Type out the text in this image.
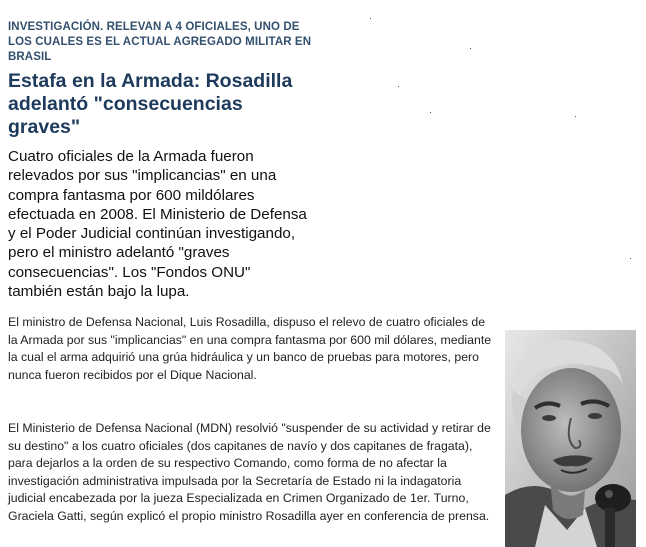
INVESTIGACIÓN. RELEVAN A 4 OFICIALES, UNO DE LOS CUALES ES EL ACTUAL AGREGADO MILITAR EN BRASIL
Estafa en la Armada: Rosadilla adelantó "consecuencias graves"
Cuatro oficiales de la Armada fueron relevados por sus "implicancias" en una compra fantasma por 600 mildólares efectuada en 2008. El Ministerio de Defensa y el Poder Judicial continúan investigando, pero el ministro adelantó "graves consecuencias". Los "Fondos ONU" también están bajo la lupa.
El ministro de Defensa Nacional, Luis Rosadilla, dispuso el relevo de cuatro oficiales de la Armada por sus "implicancias" en una compra fantasma por 600 mil dólares, mediante la cual el arma adquirió una grúa hidráulica y un banco de pruebas para motores, pero nunca fueron recibidos por el Dique Nacional.
El Ministerio de Defensa Nacional (MDN) resolvió "suspender de su actividad y retirar de su destino" a los cuatro oficiales (dos capitanes de navío y dos capitanes de fragata), para dejarlos a la orden de su respectivo Comando, como forma de no afectar la investigación administrativa impulsada por la Secretaría de Estado ni la indagatoria judicial encabezada por la jueza Especializada en Crimen Organizado de 1er. Turno, Graciela Gatti, según explicó el propio ministro Rosadilla ayer en conferencia de prensa.
